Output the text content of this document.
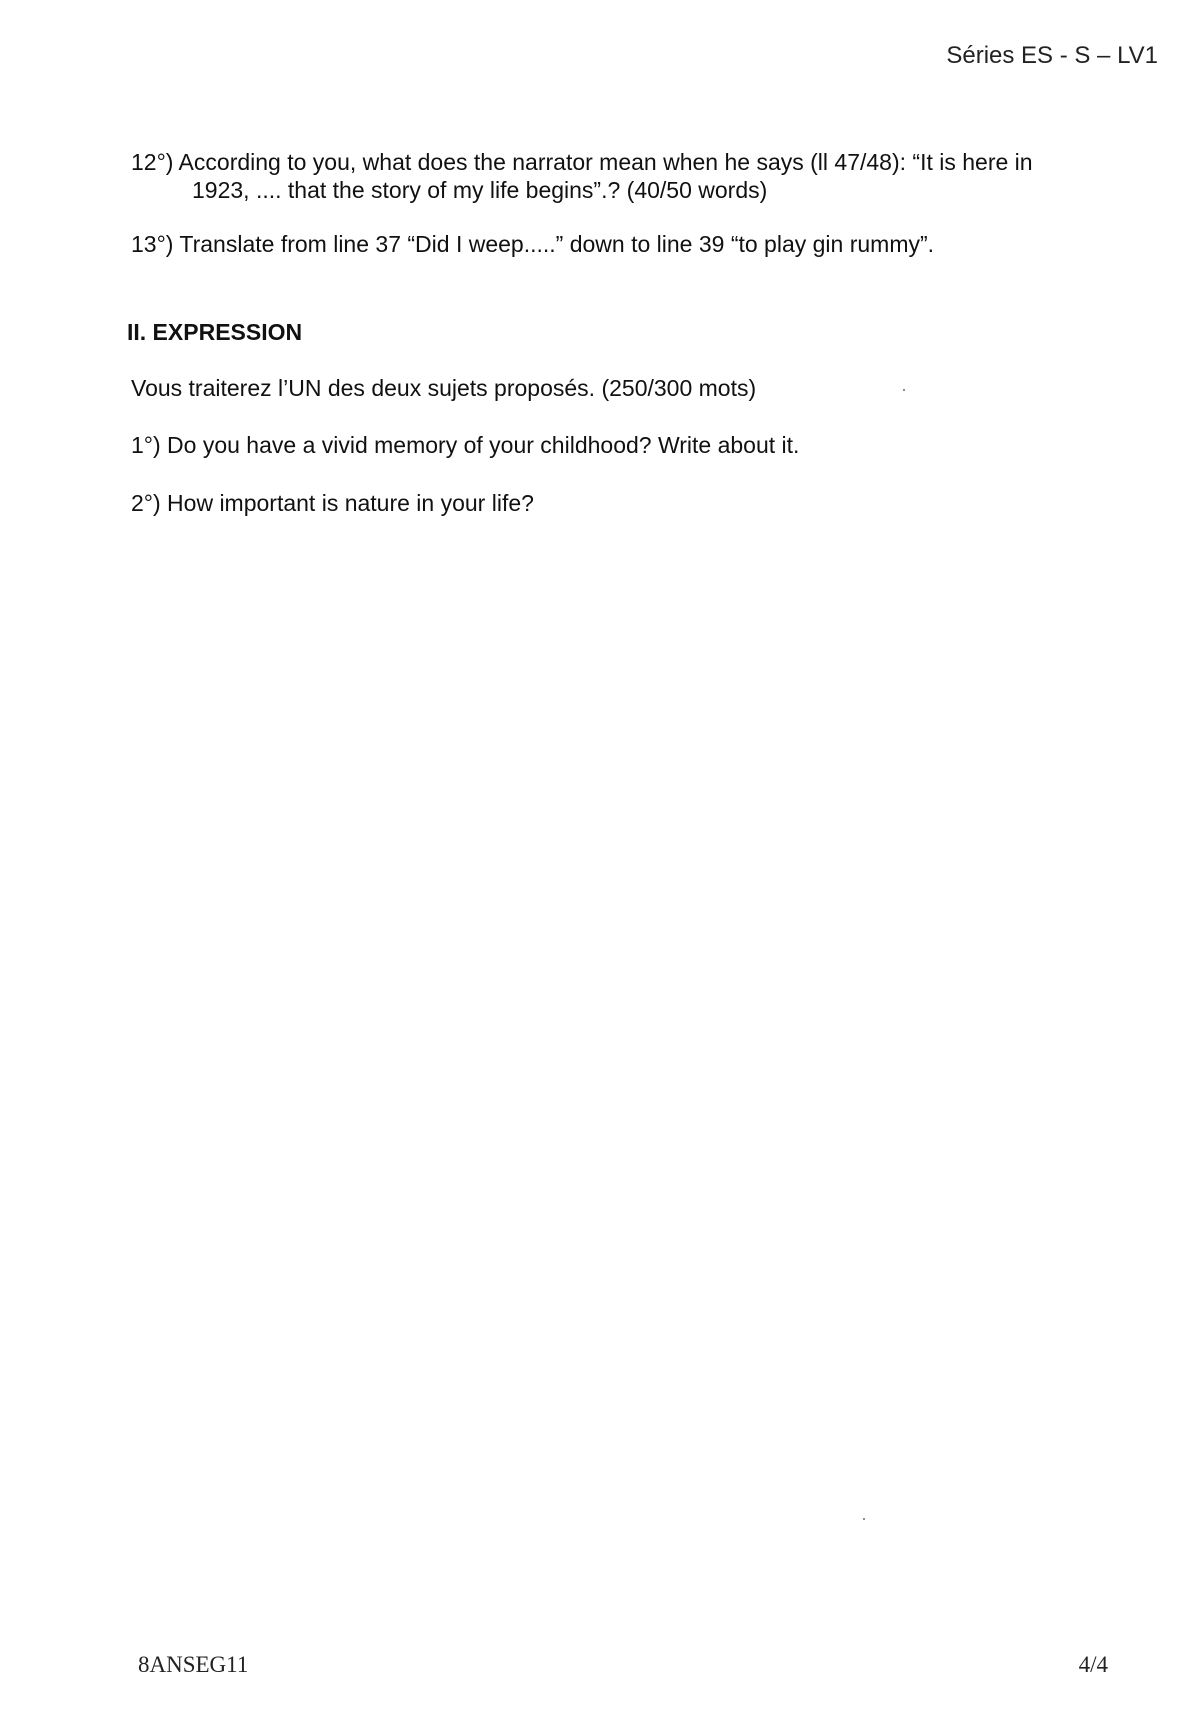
Séries ES - S – LV1
12°) According to you, what does the narrator mean when he says (ll 47/48): “It is here in
1923, .... that the story of my life begins”.? (40/50 words)
13°) Translate from line 37 “Did I weep.....” down to line 39 “to play gin rummy”.
II. EXPRESSION
Vous traiterez l’UN des deux sujets proposés. (250/300 mots)
1°) Do you have a vivid memory of your childhood? Write about it.
2°) How important is nature in your life?
8ANSEG11	4/4
